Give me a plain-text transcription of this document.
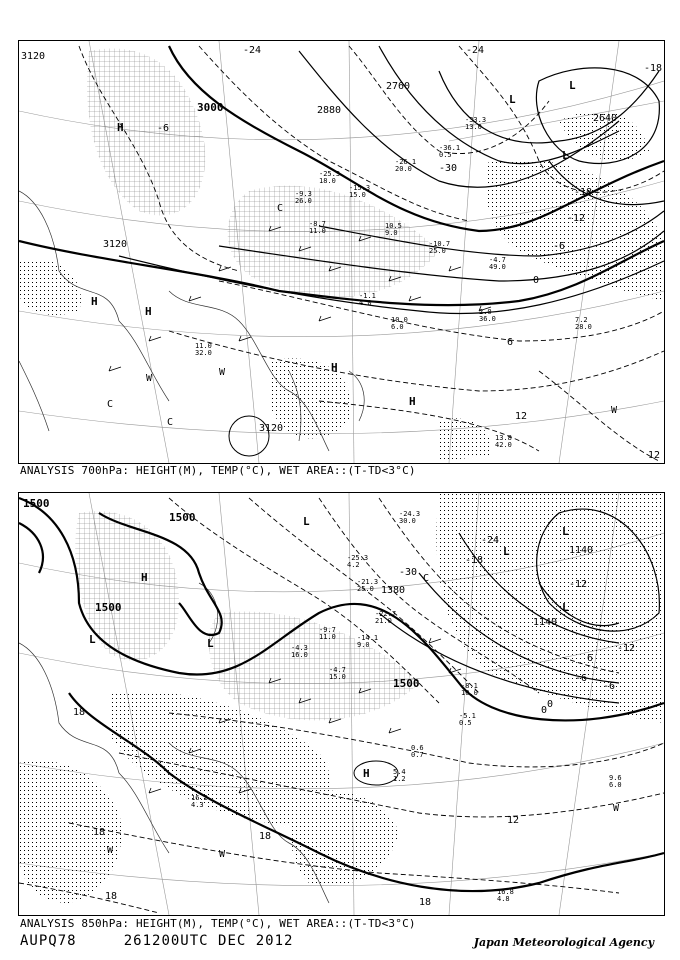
3120
12
3000	2880
2760
2640
3120
3120
-24	-24
-18
-18
-12
-6
0
6
12
-30
-6
H
H
H
H
H
L
L
L
W
W
W
C
C
C
-33.3
13.0
-36.1
0.5
-25.3
18.0
-26.1
20.0
10.5
9.0
-10.7
25.0
-4.7
49.0
2.0
36.0	7.2
28.0
13.8
42.0
11.0
32.0
-1.1
4.0
10.0
6.0
-15.3
15.0
-9.3
26.0
-8.7
11.0
ANALYSIS 700hPa: HEIGHT(M), TEMP(°C), WET AREA::(T-TD<3°C)
1500
1500
1500
1380
1140
1140
1500
-30
-24
-18
-12
-6
0
6
12
18
18	18
18
18
0
-6
-12
H
H
L
L
L
L
L
L
W	W
W
C
-24.3
30.0
-25.3
4.2
-21.3
25.0
-22.7
21.0
-9.7
11.0	-14.1
9.0
-5.1
0.5
-8.1
10.0
-4.7
15.0
0.6
0.7
5.4
1.2	9.6
6.0
16.8
4.8
16.2
4.3
-4.3
16.0
ANALYSIS 850hPa: HEIGHT(M), TEMP(°C), WET AREA::(T-TD<3°C)
AUPQ78	261200UTC DEC 2012	Japan Meteorological Agency
